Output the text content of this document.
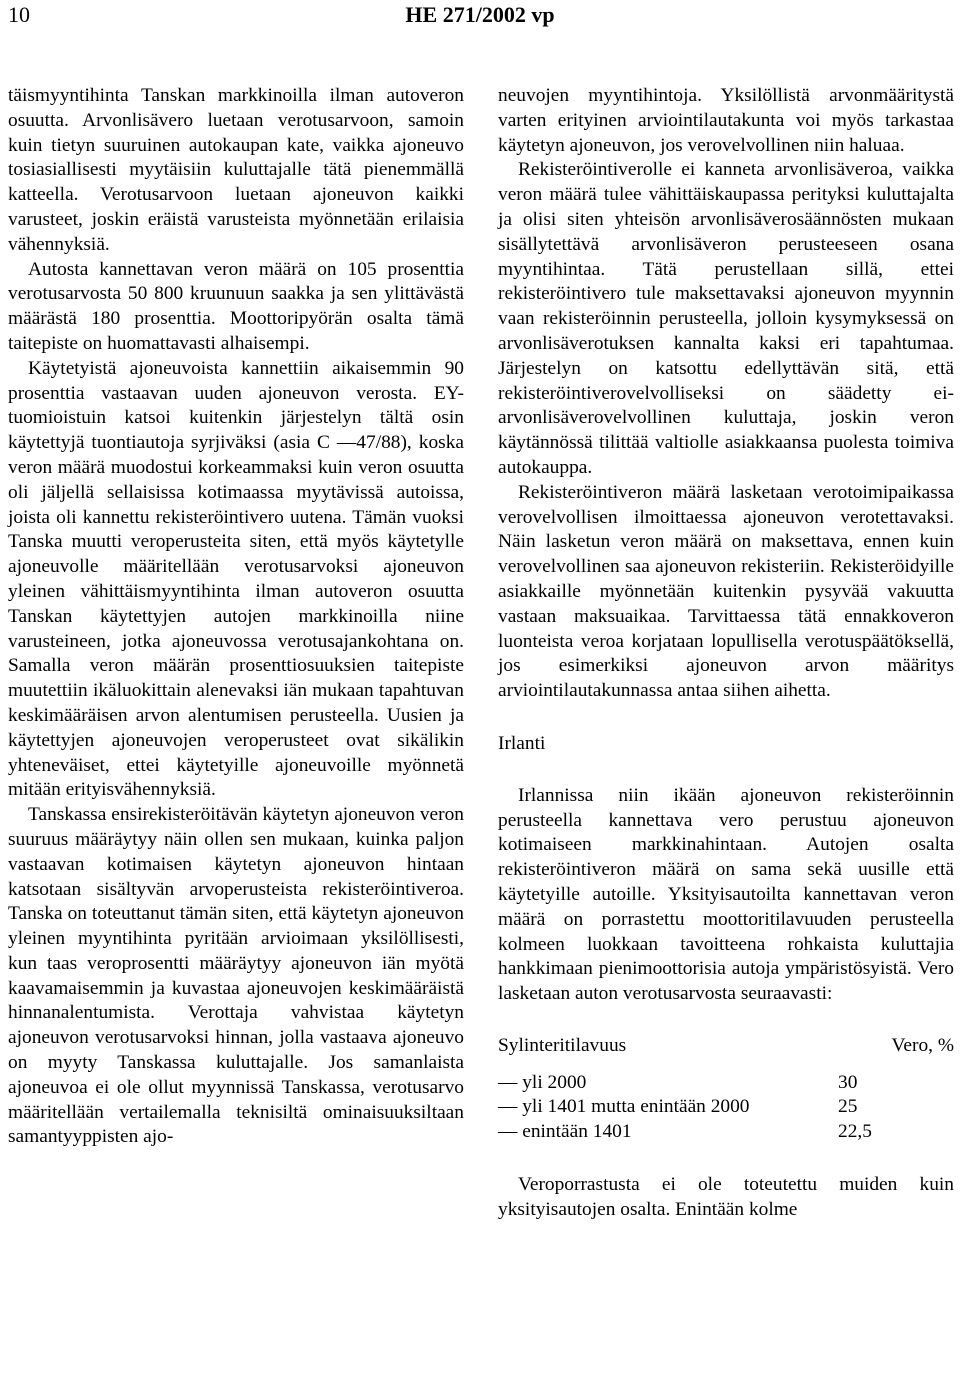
10	HE 271/2002 vp

täismyyntihinta Tanskan markkinoilla ilman autoveron osuutta. Arvonlisävero luetaan verotusarvoon, samoin kuin tietyn suuruinen autokaupan kate, vaikka ajoneuvo tosiasiallisesti myytäisiin kuluttajalle tätä pienemmällä katteella. Verotusarvoon luetaan ajoneuvon kaikki varusteet, joskin eräistä varusteista myönnetään erilaisia vähennyksiä.

Autosta kannettavan veron määrä on 105 prosenttia verotusarvosta 50 800 kruunuun saakka ja sen ylittävästä määrästä 180 prosenttia. Moottoripyörän osalta tämä taitepiste on huomattavasti alhaisempi.

Käytetyistä ajoneuvoista kannettiin aikaisemmin 90 prosenttia vastaavan uuden ajoneuvon verosta. EY-tuomioistuin katsoi kuitenkin järjestelyn tältä osin käytettyjä tuontiautoja syrjiväksi (asia C —47/88), koska veron määrä muodostui korkeammaksi kuin veron osuutta oli jäljellä sellaisissa kotimaassa myytävissä autoissa, joista oli kannettu rekisteröintivero uutena. Tämän vuoksi Tanska muutti veroperusteita siten, että myös käytetylle ajoneuvolle määritellään verotusarvoksi ajoneuvon yleinen vähittäismyyntihinta ilman autoveron osuutta Tanskan käytettyjen autojen markkinoilla niine varusteineen, jotka ajoneuvossa verotusajankohtana on. Samalla veron määrän prosenttiosuuksien taitepiste muutettiin ikäluokittain alenevaksi iän mukaan tapahtuvan keskimääräisen arvon alentumisen perusteella. Uusien ja käytettyjen ajoneuvojen veroperusteet ovat sikälikin yhteneväiset, ettei käytetyille ajoneuvoille myönnetä mitään erityisvähennyksiä.

Tanskassa ensirekisteröitävän käytetyn ajoneuvon veron suuruus määräytyy näin ollen sen mukaan, kuinka paljon vastaavan kotimaisen käytetyn ajoneuvon hintaan katsotaan sisältyvän arvoperusteista rekisteröintiveroa. Tanska on toteuttanut tämän siten, että käytetyn ajoneuvon yleinen myyntihinta pyritään arvioimaan yksilöllisesti, kun taas veroprosentti määräytyy ajoneuvon iän myötä kaavamaisemmin ja kuvastaa ajoneuvojen keskimääräistä hinnanalentumista. Verottaja vahvistaa käytetyn ajoneuvon verotusarvoksi hinnan, jolla vastaava ajoneuvo on myyty Tanskassa kuluttajalle. Jos samanlaista ajoneuvoa ei ole ollut myynnissä Tanskassa, verotusarvo määritellään vertailemalla teknisiltä ominaisuuksiltaan samantyyppisten ajo-

neuvojen myyntihintoja. Yksilöllistä arvonmääritystä varten erityinen arviointilautakunta voi myös tarkastaa käytetyn ajoneuvon, jos verovelvollinen niin haluaa.

Rekisteröintiverolle ei kanneta arvonlisäveroa, vaikka veron määrä tulee vähittäiskaupassa perityksi kuluttajalta ja olisi siten yhteisön arvonlisäverosäännösten mukaan sisällytettävä arvonlisäveron perusteeseen osana myyntihintaa. Tätä perustellaan sillä, ettei rekisteröintivero tule maksettavaksi ajoneuvon myynnin vaan rekisteröinnin perusteella, jolloin kysymyksessä on arvonlisäverotuksen kannalta kaksi eri tapahtumaa. Järjestelyn on katsottu edellyttävän sitä, että rekisteröintiverovelvolliseksi on säädetty ei-arvonlisäverovelvollinen kuluttaja, joskin veron käytännössä tilittää valtiolle asiakkaansa puolesta toimiva autokauppa.

Rekisteröintiveron määrä lasketaan verotoimipaikassa verovelvollisen ilmoittaessa ajoneuvon verotettavaksi. Näin lasketun veron määrä on maksettava, ennen kuin verovelvollinen saa ajoneuvon rekisteriin. Rekisteröidyille asiakkaille myönnetään kuitenkin pysyvää vakuutta vastaan maksuaikaa. Tarvittaessa tätä ennakkoveron luonteista veroa korjataan lopullisella verotuspäätöksellä, jos esimerkiksi ajoneuvon arvon määritys arviointilautakunnassa antaa siihen aihetta.

Irlanti

Irlannissa niin ikään ajoneuvon rekisteröinnin perusteella kannettava vero perustuu ajoneuvon kotimaiseen markkinahintaan. Autojen osalta rekisteröintiveron määrä on sama sekä uusille että käytetyille autoille. Yksityisautoilta kannettavan veron määrä on porrastettu moottoritilavuuden perusteella kolmeen luokkaan tavoitteena rohkaista kuluttajia hankkimaan pienimoottorisia autoja ympäristösyistä. Vero lasketaan auton verotusarvosta seuraavasti:

Sylinteritilavuus	Vero, %
— yli 2000	30
— yli 1401 mutta enintään 2000	25
— enintään 1401	22,5

Veroporrastusta ei ole toteutettu muiden kuin yksityisautojen osalta. Enintään kolme
